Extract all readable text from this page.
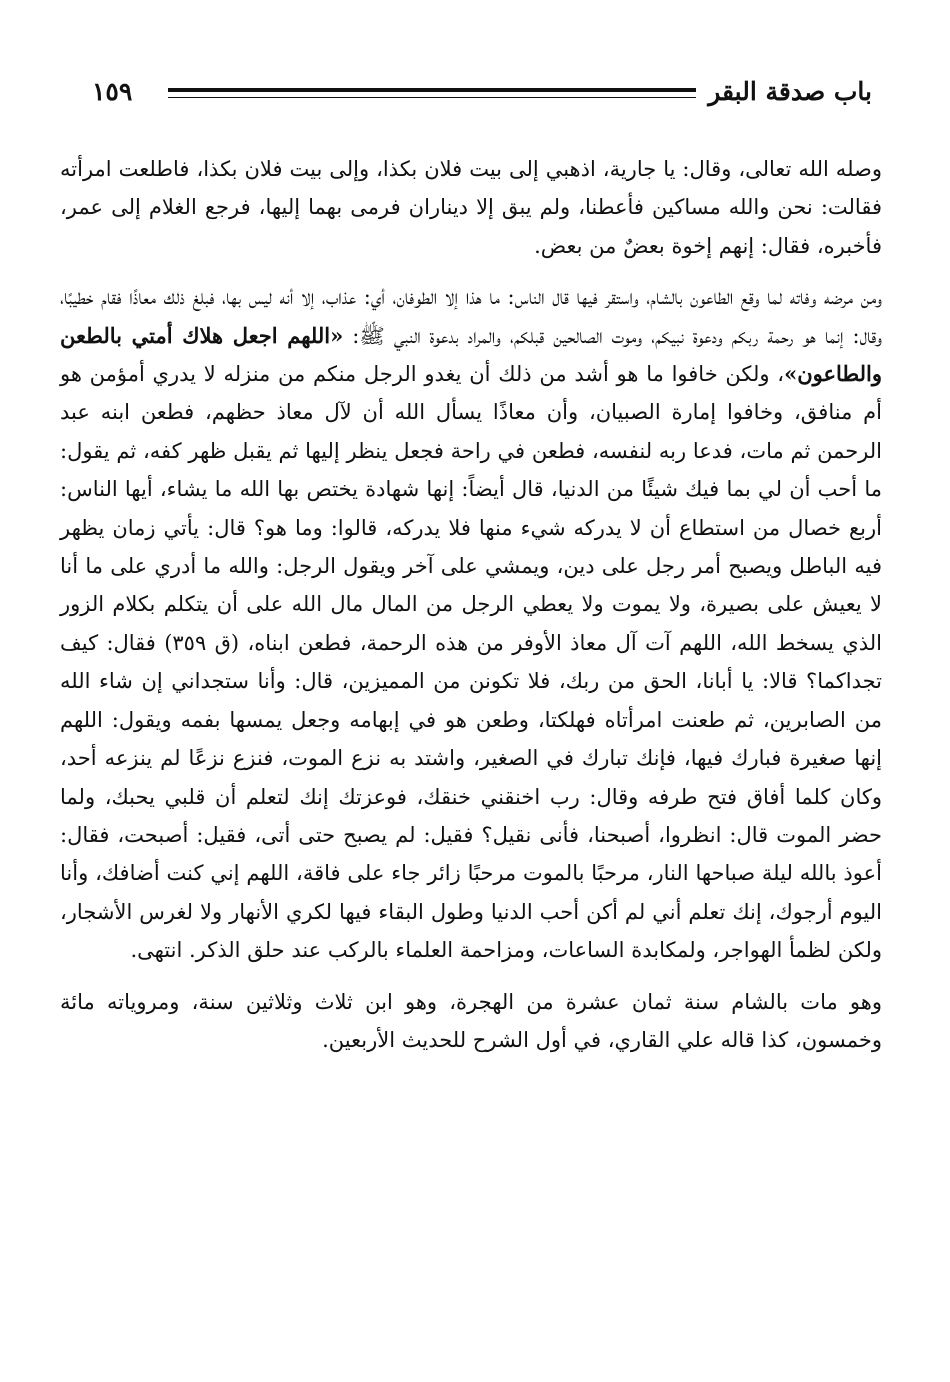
باب صدقة البقر
١٥٩

وصله الله تعالى، وقال: يا جارية، اذهبي إلى بيت فلان بكذا، وإلى بيت فلان بكذا، فاطلعت امرأته فقالت: نحن والله مساكين فأعطنا، ولم يبق إلا ديناران فرمى بهما إليها، فرجع الغلام إلى عمر، فأخبره، فقال: إنهم إخوة بعضٌ من بعض.

ومن مرضه وفاته لما وقع الطاعون بالشام، واستقر فيها قال الناس: ما هذا إلا الطوفان، أي: عذاب، إلا أنه ليس بها، فبلغ ذلك معاذًا فقام خطيبًا، وقال: إنما هو رحمة ربكم ودعوة نبيكم، وموت الصالحين قبلكم، والمراد بدعوة النبي ﷺ: «اللهم اجعل هلاك أمتي بالطعن والطاعون»، ولكن خافوا ما هو أشد من ذلك أن يغدو الرجل منكم من منزله لا يدري أمؤمن هو أم منافق، وخافوا إمارة الصبيان، وأن معاذًا يسأل الله أن لآل معاذ حظهم، فطعن ابنه عبد الرحمن ثم مات، فدعا ربه لنفسه، فطعن في راحة فجعل ينظر إليها ثم يقبل ظهر كفه، ثم يقول: ما أحب أن لي بما فيك شيئًا من الدنيا، قال أيضاً: إنها شهادة يختص بها الله ما يشاء، أيها الناس: أربع خصال من استطاع أن لا يدركه شيء منها فلا يدركه، قالوا: وما هو؟ قال: يأتي زمان يظهر فيه الباطل ويصبح أمر رجل على دين، ويمشي على آخر ويقول الرجل: والله ما أدري على ما أنا لا يعيش على بصيرة، ولا يموت ولا يعطي الرجل من المال مال الله على أن يتكلم بكلام الزور الذي يسخط الله، اللهم آت آل معاذ الأوفر من هذه الرحمة، فطعن ابناه، (ق ٣٥٩) فقال: كيف تجداكما؟ قالا: يا أبانا، الحق من ربك، فلا تكونن من المميزين، قال: وأنا ستجداني إن شاء الله من الصابرين، ثم طعنت امرأتاه فهلكتا، وطعن هو في إبهامه وجعل يمسها بفمه ويقول: اللهم إنها صغيرة فبارك فيها، فإنك تبارك في الصغير، واشتد به نزع الموت، فنزع نزعًا لم ينزعه أحد، وكان كلما أفاق فتح طرفه وقال: رب اخنقني خنقك، فوعزتك إنك لتعلم أن قلبي يحبك، ولما حضر الموت قال: انظروا، أصبحنا، فأنى نقيل؟ فقيل: لم يصبح حتى أتى، فقيل: أصبحت، فقال: أعوذ بالله ليلة صباحها النار، مرحبًا بالموت مرحبًا زائر جاء على فاقة، اللهم إني كنت أضافك، وأنا اليوم أرجوك، إنك تعلم أني لم أكن أحب الدنيا وطول البقاء فيها لكري الأنهار ولا لغرس الأشجار، ولكن لظمأ الهواجر، ولمكابدة الساعات، ومزاحمة العلماء بالركب عند حلق الذكر. انتهى.

وهو مات بالشام سنة ثمان عشرة من الهجرة، وهو ابن ثلاث وثلاثين سنة، ومروياته مائة وخمسون، كذا قاله علي القاري، في أول الشرح للحديث الأربعين.
